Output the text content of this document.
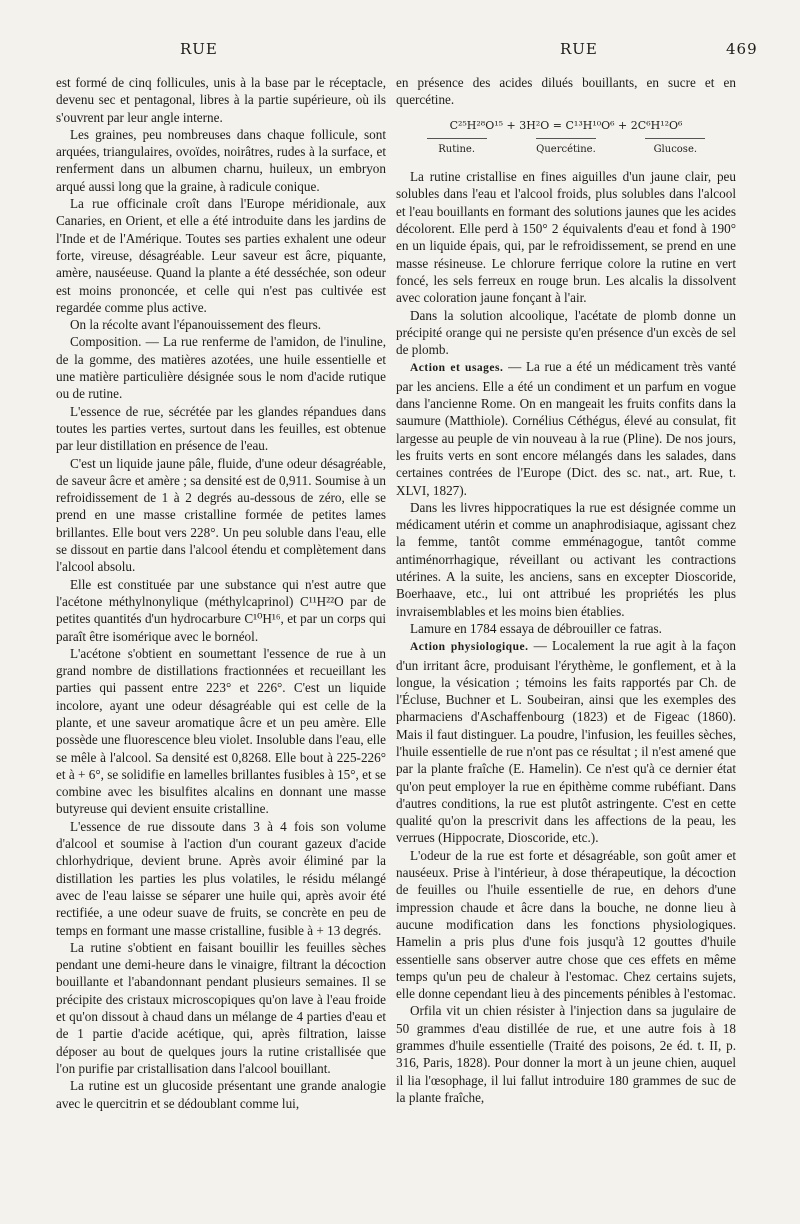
RUE	RUE	469

est formé de cinq follicules, unis à la base par le réceptacle, devenu sec et pentagonal, libres à la partie supérieure, où ils s'ouvrent par leur angle interne.

Les graines, peu nombreuses dans chaque follicule, sont arquées, triangulaires, ovoïdes, noirâtres, rudes à la surface, et renferment dans un albumen charnu, huileux, un embryon arqué aussi long que la graine, à radicule conique.

La rue officinale croît dans l'Europe méridionale, aux Canaries, en Orient, et elle a été introduite dans les jardins de l'Inde et de l'Amérique. Toutes ses parties exhalent une odeur forte, vireuse, désagréable. Leur saveur est âcre, piquante, amère, nauséeuse. Quand la plante a été desséchée, son odeur est moins prononcée, et celle qui n'est pas cultivée est regardée comme plus active.

On la récolte avant l'épanouissement des fleurs.

Composition. — La rue renferme de l'amidon, de l'inuline, de la gomme, des matières azotées, une huile essentielle et une matière particulière désignée sous le nom d'acide rutique ou de rutine.

L'essence de rue, sécrétée par les glandes répandues dans toutes les parties vertes, surtout dans les feuilles, est obtenue par leur distillation en présence de l'eau.

C'est un liquide jaune pâle, fluide, d'une odeur désagréable, de saveur âcre et amère ; sa densité est de 0,911. Soumise à un refroidissement de 1 à 2 degrés au-dessous de zéro, elle se prend en une masse cristalline formée de petites lames brillantes. Elle bout vers 228°. Un peu soluble dans l'eau, elle se dissout en partie dans l'alcool étendu et complètement dans l'alcool absolu.

Elle est constituée par une substance qui n'est autre que l'acétone méthylnonylique (méthylcaprinol) C¹¹H²²O par de petites quantités d'un hydrocarbure C¹⁰H¹⁶, et par un corps qui paraît être isomérique avec le bornéol.

L'acétone s'obtient en soumettant l'essence de rue à un grand nombre de distillations fractionnées et recueillant les parties qui passent entre 223° et 226°. C'est un liquide incolore, ayant une odeur désagréable qui est celle de la plante, et une saveur aromatique âcre et un peu amère. Elle possède une fluorescence bleu violet. Insoluble dans l'eau, elle se mêle à l'alcool. Sa densité est 0,8268. Elle bout à 225-226° et à + 6°, se solidifie en lamelles brillantes fusibles à 15°, et se combine avec les bisulfites alcalins en donnant une masse butyreuse qui devient ensuite cristalline.

L'essence de rue dissoute dans 3 à 4 fois son volume d'alcool et soumise à l'action d'un courant gazeux d'acide chlorhydrique, devient brune. Après avoir éliminé par la distillation les parties les plus volatiles, le résidu mélangé avec de l'eau laisse se séparer une huile qui, après avoir été rectifiée, a une odeur suave de fruits, se concrète en peu de temps en formant une masse cristalline, fusible à + 13 degrés.

La rutine s'obtient en faisant bouillir les feuilles sèches pendant une demi-heure dans le vinaigre, filtrant la décoction bouillante et l'abandonnant pendant plusieurs semaines. Il se précipite des cristaux microscopiques qu'on lave à l'eau froide et qu'on dissout à chaud dans un mélange de 4 parties d'eau et de 1 partie d'acide acétique, qui, après filtration, laisse déposer au bout de quelques jours la rutine cristallisée que l'on purifie par cristallisation dans l'alcool bouillant.

La rutine est un glucoside présentant une grande analogie avec le quercitrin et se dédoublant comme lui,

en présence des acides dilués bouillants, en sucre et en quercétine.

C²⁵H²⁸O¹⁵ + 3H²O = C¹³H¹⁰O⁶ + 2C⁶H¹²O⁶
Rutine.	Quercétine.	Glucose.

La rutine cristallise en fines aiguilles d'un jaune clair, peu solubles dans l'eau et l'alcool froids, plus solubles dans l'alcool et l'eau bouillants en formant des solutions jaunes que les acides décolorent. Elle perd à 150° 2 équivalents d'eau et fond à 190° en un liquide épais, qui, par le refroidissement, se prend en une masse résineuse. Le chlorure ferrique colore la rutine en vert foncé, les sels ferreux en rouge brun. Les alcalis la dissolvent avec coloration jaune fonçant à l'air.

Dans la solution alcoolique, l'acétate de plomb donne un précipité orange qui ne persiste qu'en présence d'un excès de sel de plomb.

Action et usages. — La rue a été un médicament très vanté par les anciens. Elle a été un condiment et un parfum en vogue dans l'ancienne Rome. On en mangeait les fruits confits dans la saumure (Matthiole). Cornélius Céthégus, élevé au consulat, fit largesse au peuple de vin nouveau à la rue (Pline). De nos jours, les fruits verts en sont encore mélangés dans les salades, dans certaines contrées de l'Europe (Dict. des sc. nat., art. Rue, t. XLVI, 1827).

Dans les livres hippocratiques la rue est désignée comme un médicament utérin et comme un anaphrodisiaque, agissant chez la femme, tantôt comme emménagogue, tantôt comme antiménorrhagique, réveillant ou activant les contractions utérines. A la suite, les anciens, sans en excepter Dioscoride, Boerhaave, etc., lui ont attribué les propriétés les plus invraisemblables et les moins bien établies.

Lamure en 1784 essaya de débrouiller ce fatras.

Action physiologique. — Localement la rue agit à la façon d'un irritant âcre, produisant l'érythème, le gonflement, et à la longue, la vésication ; témoins les faits rapportés par Ch. de l'Écluse, Buchner et L. Soubeiran, ainsi que les exemples des pharmaciens d'Aschaffenbourg (1823) et de Figeac (1860). Mais il faut distinguer. La poudre, l'infusion, les feuilles sèches, l'huile essentielle de rue n'ont pas ce résultat ; il n'est amené que par la plante fraîche (E. Hamelin). Ce n'est qu'à ce dernier état qu'on peut employer la rue en épithème comme rubéfiant. Dans d'autres conditions, la rue est plutôt astringente. C'est en cette qualité qu'on la prescrivit dans les affections de la peau, les verrues (Hippocrate, Dioscoride, etc.).

L'odeur de la rue est forte et désagréable, son goût amer et nauséeux. Prise à l'intérieur, à dose thérapeutique, la décoction de feuilles ou l'huile essentielle de rue, en dehors d'une impression chaude et âcre dans la bouche, ne donne lieu à aucune modification dans les fonctions physiologiques. Hamelin a pris plus d'une fois jusqu'à 12 gouttes d'huile essentielle sans observer autre chose que ces effets en même temps qu'un peu de chaleur à l'estomac. Chez certains sujets, elle donne cependant lieu à des pincements pénibles à l'estomac.

Orfila vit un chien résister à l'injection dans sa jugulaire de 50 grammes d'eau distillée de rue, et une autre fois à 18 grammes d'huile essentielle (Traité des poisons, 2e éd. t. II, p. 316, Paris, 1828). Pour donner la mort à un jeune chien, auquel il lia l'œsophage, il lui fallut introduire 180 grammes de suc de la plante fraîche,
